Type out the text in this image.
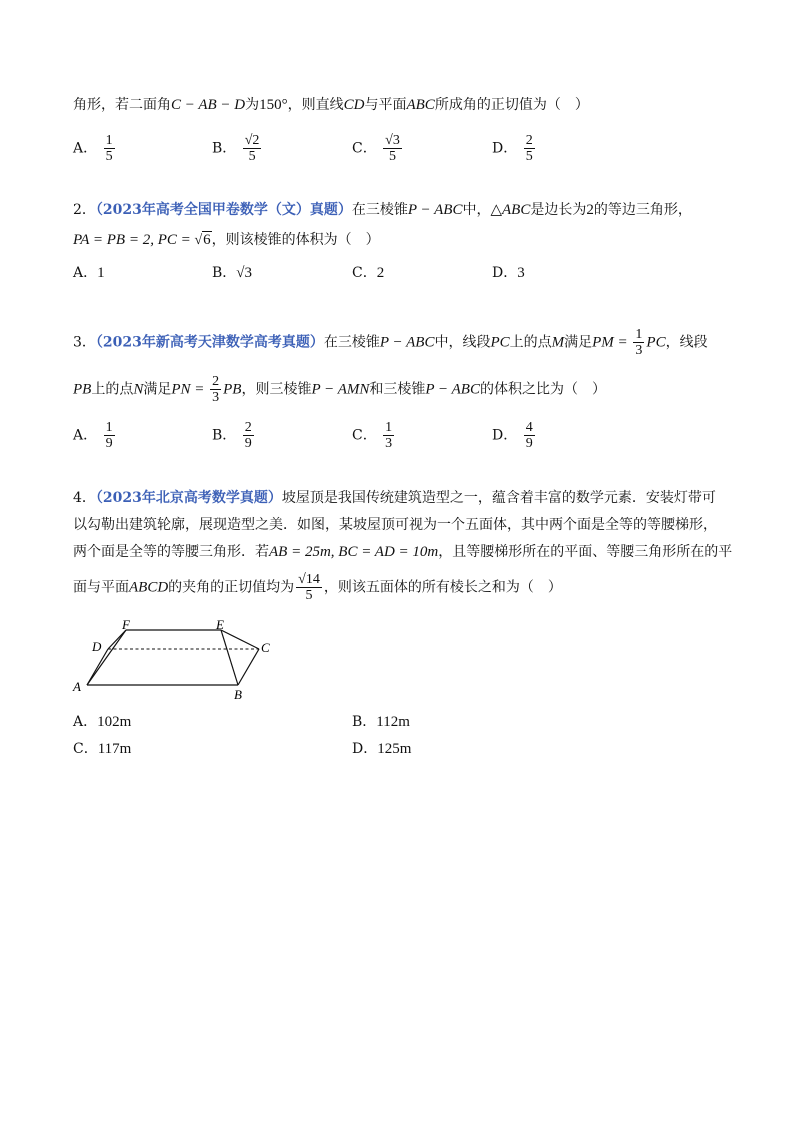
角形，若二面角C − AB − D为150°，则直线CD与平面ABC所成角的正切值为（　）
A． $\frac{1}{5}$	B． $\frac{√2}{5}$	C． $\frac{√3}{5}$	D． $\frac{2}{5}$
2．（2023年高考全国甲卷数学（文）真题）在三棱锥P − ABC中，△ABC是边长为2的等边三角形，
PA = PB = 2, PC = √6，则该棱锥的体积为（　）
A．1	B．√3	C．2	D．3
3．（2023年新高考天津数学高考真题）在三棱锥P − ABC中，线段PC上的点M满足PM = $\frac{1}{3}$ PC，线段
PB上的点N满足PN = $\frac{2}{3}$ PB，则三棱锥P − AMN和三棱锥P − ABC的体积之比为（　）
A． $\frac{1}{9}$	B． $\frac{2}{9}$	C． $\frac{1}{3}$	D． $\frac{4}{9}$
4．（2023年北京高考数学真题）坡屋顶是我国传统建筑造型之一，蕴含着丰富的数学元素．安装灯带可
以勾勒出建筑轮廓，展现造型之美．如图，某坡屋顶可视为一个五面体，其中两个面是全等的等腰梯形，
两个面是全等的等腰三角形．若AB = 25m, BC = AD = 10m，且等腰梯形所在的平面、等腰三角形所在的平
面与平面ABCD的夹角的正切值均为 $\frac{√14}{5}$ ，则该五面体的所有棱长之和为（　）
A
B
C
D
E
F
A．102m	B．112m
C．117m	D．125m
